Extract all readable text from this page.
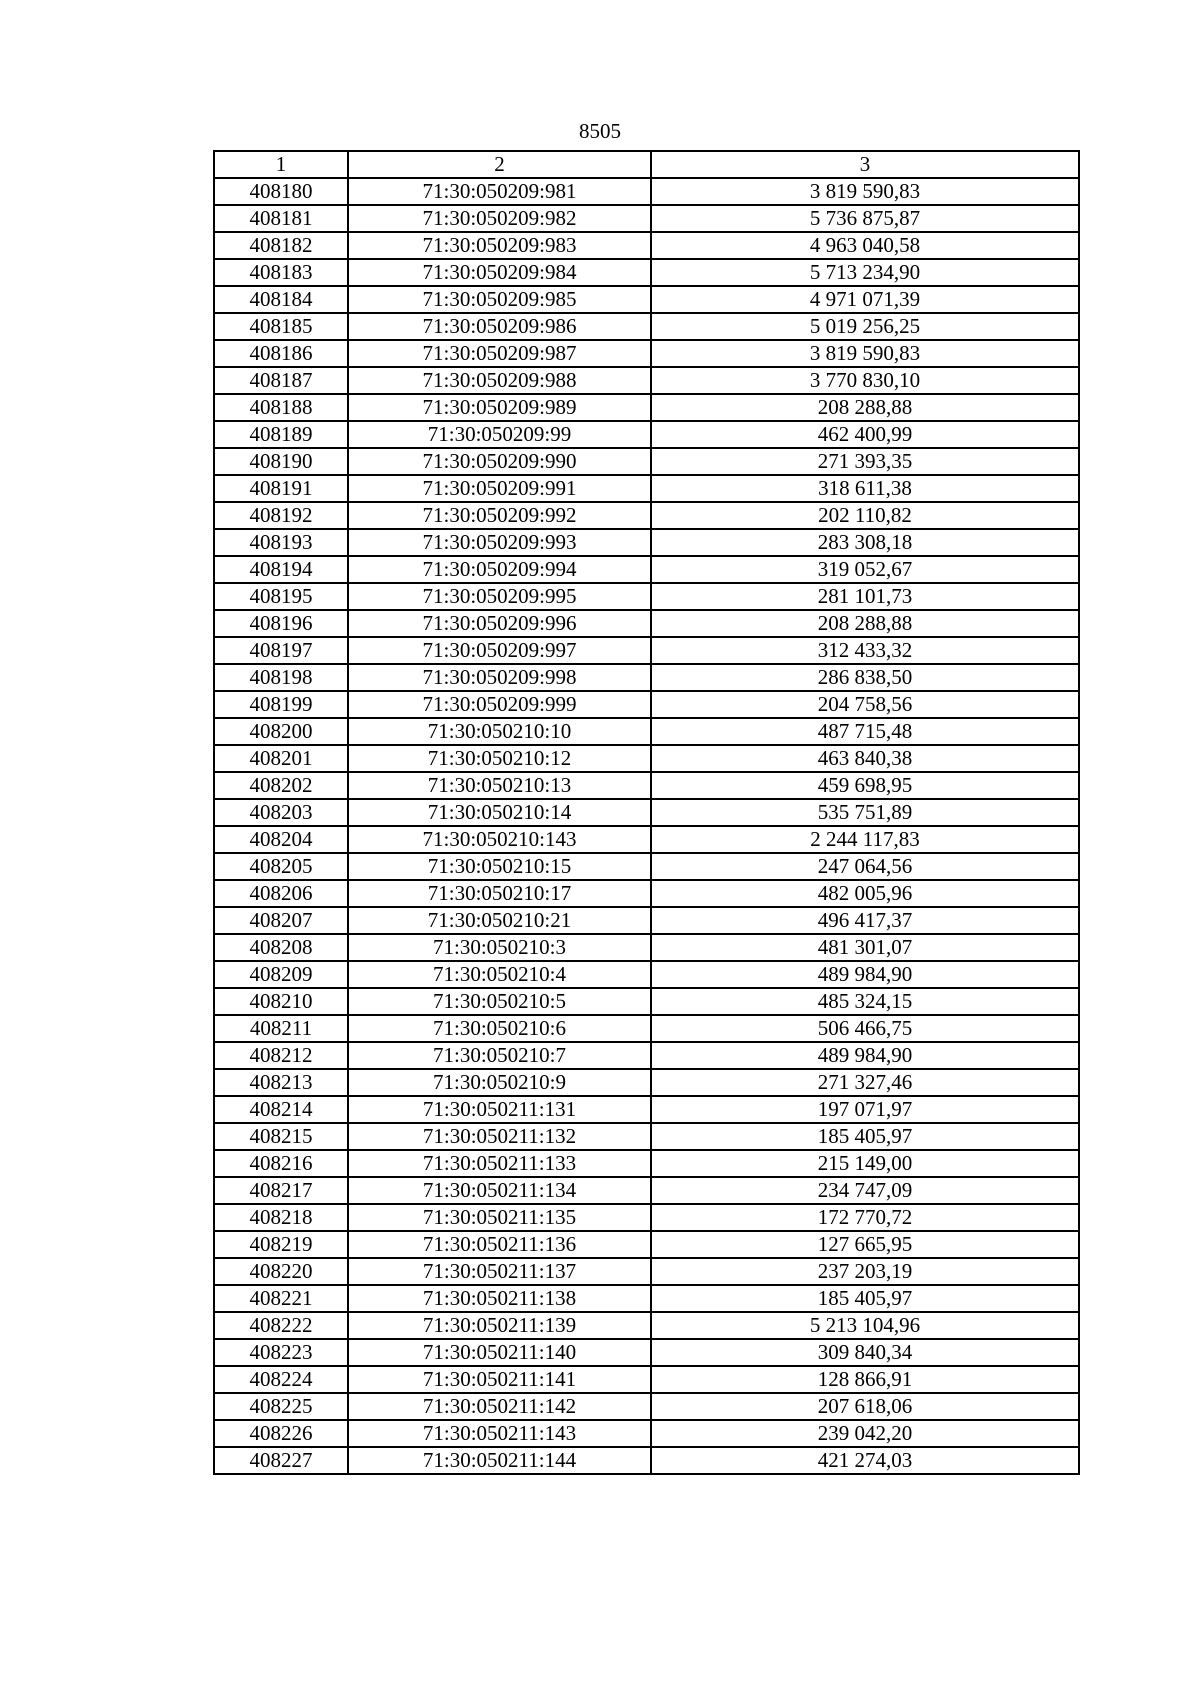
8505
1	2	3
408180	71:30:050209:981	3 819 590,83
408181	71:30:050209:982	5 736 875,87
408182	71:30:050209:983	4 963 040,58
408183	71:30:050209:984	5 713 234,90
408184	71:30:050209:985	4 971 071,39
408185	71:30:050209:986	5 019 256,25
408186	71:30:050209:987	3 819 590,83
408187	71:30:050209:988	3 770 830,10
408188	71:30:050209:989	208 288,88
408189	71:30:050209:99	462 400,99
408190	71:30:050209:990	271 393,35
408191	71:30:050209:991	318 611,38
408192	71:30:050209:992	202 110,82
408193	71:30:050209:993	283 308,18
408194	71:30:050209:994	319 052,67
408195	71:30:050209:995	281 101,73
408196	71:30:050209:996	208 288,88
408197	71:30:050209:997	312 433,32
408198	71:30:050209:998	286 838,50
408199	71:30:050209:999	204 758,56
408200	71:30:050210:10	487 715,48
408201	71:30:050210:12	463 840,38
408202	71:30:050210:13	459 698,95
408203	71:30:050210:14	535 751,89
408204	71:30:050210:143	2 244 117,83
408205	71:30:050210:15	247 064,56
408206	71:30:050210:17	482 005,96
408207	71:30:050210:21	496 417,37
408208	71:30:050210:3	481 301,07
408209	71:30:050210:4	489 984,90
408210	71:30:050210:5	485 324,15
408211	71:30:050210:6	506 466,75
408212	71:30:050210:7	489 984,90
408213	71:30:050210:9	271 327,46
408214	71:30:050211:131	197 071,97
408215	71:30:050211:132	185 405,97
408216	71:30:050211:133	215 149,00
408217	71:30:050211:134	234 747,09
408218	71:30:050211:135	172 770,72
408219	71:30:050211:136	127 665,95
408220	71:30:050211:137	237 203,19
408221	71:30:050211:138	185 405,97
408222	71:30:050211:139	5 213 104,96
408223	71:30:050211:140	309 840,34
408224	71:30:050211:141	128 866,91
408225	71:30:050211:142	207 618,06
408226	71:30:050211:143	239 042,20
408227	71:30:050211:144	421 274,03
